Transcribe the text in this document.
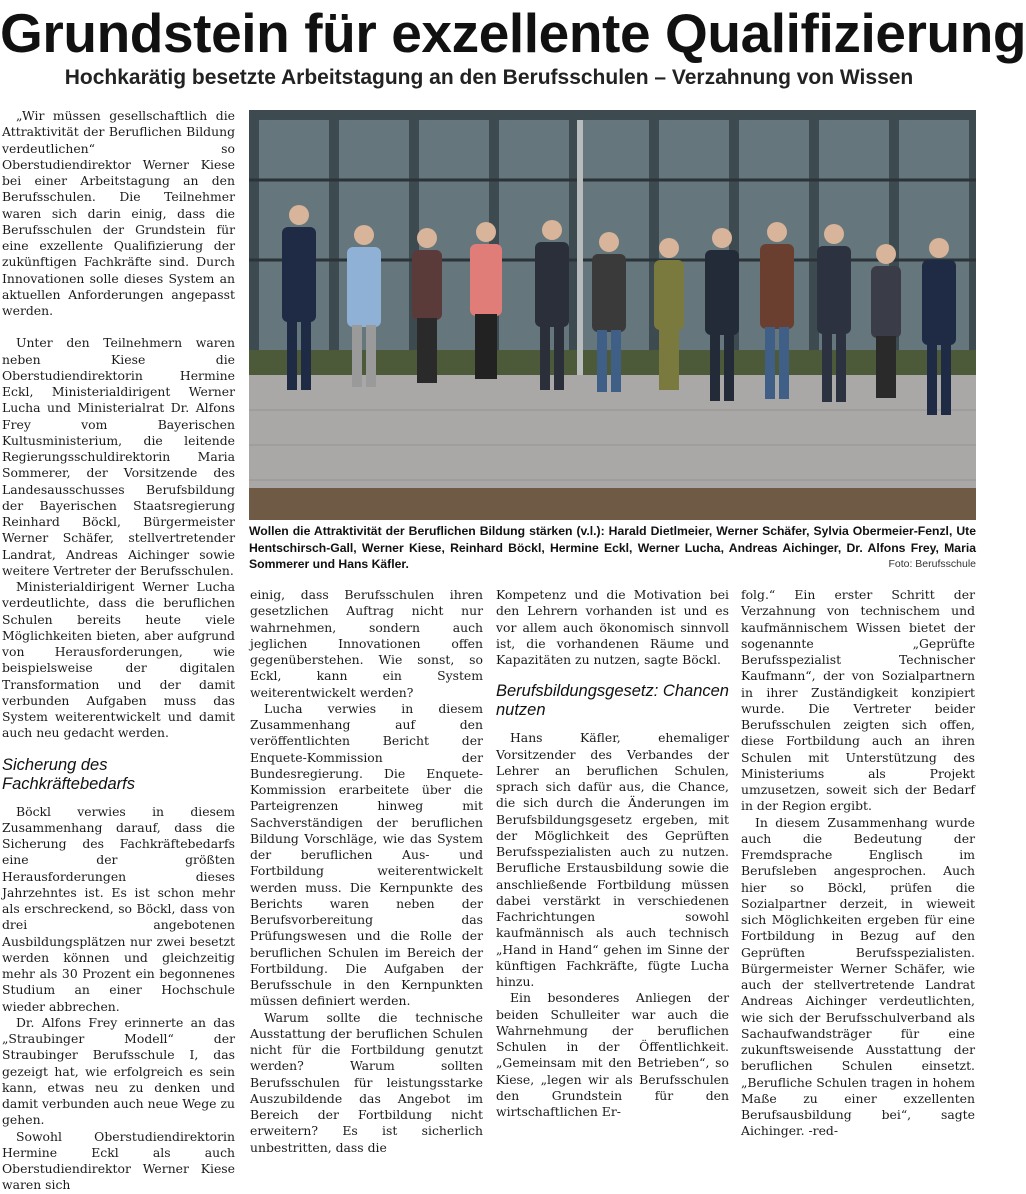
Grundstein für exzellente Qualifizierung
Hochkarätig besetzte Arbeitstagung an den Berufsschulen – Verzahnung von Wissen

„Wir müssen gesellschaftlich die Attraktivität der Beruflichen Bildung verdeutlichen“ so Oberstudiendirektor Werner Kiese bei einer Arbeitstagung an den Berufsschulen. Die Teilnehmer waren sich darin einig, dass die Berufsschulen der Grundstein für eine exzellente Qualifizierung der zukünftigen Fachkräfte sind. Durch Innovationen solle dieses System an aktuellen Anforderungen angepasst werden.

Unter den Teilnehmern waren neben Kiese die Oberstudiendirektorin Hermine Eckl, Ministerialdirigent Werner Lucha und Ministerialrat Dr. Alfons Frey vom Bayerischen Kultusministerium, die leitende Regierungsschuldirektorin Maria Sommerer, der Vorsitzende des Landesausschusses Berufsbildung der Bayerischen Staatsregierung Reinhard Böckl, Bürgermeister Werner Schäfer, stellvertretender Landrat, Andreas Aichinger sowie weitere Vertreter der Berufsschulen.

Ministerialdirigent Werner Lucha verdeutlichte, dass die beruflichen Schulen bereits heute viele Möglichkeiten bieten, aber aufgrund von Herausforderungen, wie beispielsweise der digitalen Transformation und der damit verbunden Aufgaben muss das System weiterentwickelt und damit auch neu gedacht werden.

Sicherung des Fachkräftebedarfs

Böckl verwies in diesem Zusammenhang darauf, dass die Sicherung des Fachkräftebedarfs eine der größten Herausforderungen dieses Jahrzehntes ist. Es ist schon mehr als erschreckend, so Böckl, dass von drei angebotenen Ausbildungsplätzen nur zwei besetzt werden können und gleichzeitig mehr als 30 Prozent ein begonnenes Studium an einer Hochschule wieder abbrechen.

Dr. Alfons Frey erinnerte an das „Straubinger Modell“ der Straubinger Berufsschule I, das gezeigt hat, wie erfolgreich es sein kann, etwas neu zu denken und damit verbunden auch neue Wege zu gehen.

Sowohl Oberstudiendirektorin Hermine Eckl als auch Oberstudiendirektor Werner Kiese waren sich

Wollen die Attraktivität der Beruflichen Bildung stärken (v.l.): Harald Dietlmeier, Werner Schäfer, Sylvia Obermeier-Fenzl, Ute Hentschirsch-Gall, Werner Kiese, Reinhard Böckl, Hermine Eckl, Werner Lucha, Andreas Aichinger, Dr. Alfons Frey, Maria Sommerer und Hans Käfler.	Foto: Berufsschule

einig, dass Berufsschulen ihren gesetzlichen Auftrag nicht nur wahrnehmen, sondern auch jeglichen Innovationen offen gegenüberstehen. Wie sonst, so Eckl, kann ein System weiterentwickelt werden?

Lucha verwies in diesem Zusammenhang auf den veröffentlichten Bericht der Enquete-Kommission der Bundesregierung. Die Enquete-Kommission erarbeitete über die Parteigrenzen hinweg mit Sachverständigen der beruflichen Bildung Vorschläge, wie das System der beruflichen Aus- und Fortbildung weiterentwickelt werden muss. Die Kernpunkte des Berichts waren neben der Berufsvorbereitung das Prüfungswesen und die Rolle der beruflichen Schulen im Bereich der Fortbildung. Die Aufgaben der Berufsschule in den Kernpunkten müssen definiert werden.

Warum sollte die technische Ausstattung der beruflichen Schulen nicht für die Fortbildung genutzt werden? Warum sollten Berufsschulen für leistungsstarke Auszubildende das Angebot im Bereich der Fortbildung nicht erweitern? Es ist sicherlich unbestritten, dass die

Kompetenz und die Motivation bei den Lehrern vorhanden ist und es vor allem auch ökonomisch sinnvoll ist, die vorhandenen Räume und Kapazitäten zu nutzen, sagte Böckl.

Berufsbildungsgesetz: Chancen nutzen

Hans Käfler, ehemaliger Vorsitzender des Verbandes der Lehrer an beruflichen Schulen, sprach sich dafür aus, die Chance, die sich durch die Änderungen im Berufsbildungsgesetz ergeben, mit der Möglichkeit des Geprüften Berufsspezialisten auch zu nutzen. Berufliche Erstausbildung sowie die anschließende Fortbildung müssen dabei verstärkt in verschiedenen Fachrichtungen sowohl kaufmännisch als auch technisch „Hand in Hand“ gehen im Sinne der künftigen Fachkräfte, fügte Lucha hinzu.

Ein besonderes Anliegen der beiden Schulleiter war auch die Wahrnehmung der beruflichen Schulen in der Öffentlichkeit. „Gemeinsam mit den Betrieben“, so Kiese, „legen wir als Berufsschulen den Grundstein für den wirtschaftlichen Er-

folg.“ Ein erster Schritt der Verzahnung von technischem und kaufmännischem Wissen bietet der sogenannte „Geprüfte Berufsspezialist Technischer Kaufmann“, der von Sozialpartnern in ihrer Zuständigkeit konzipiert wurde. Die Vertreter beider Berufsschulen zeigten sich offen, diese Fortbildung auch an ihren Schulen mit Unterstützung des Ministeriums als Projekt umzusetzen, soweit sich der Bedarf in der Region ergibt.

In diesem Zusammenhang wurde auch die Bedeutung der Fremdsprache Englisch im Berufsleben angesprochen. Auch hier so Böckl, prüfen die Sozialpartner derzeit, in wieweit sich Möglichkeiten ergeben für eine Fortbildung in Bezug auf den Geprüften Berufsspezialisten. Bürgermeister Werner Schäfer, wie auch der stellvertretende Landrat Andreas Aichinger verdeutlichten, wie sich der Berufsschulverband als Sachaufwandsträger für eine zukunftsweisende Ausstattung der beruflichen Schulen einsetzt. „Berufliche Schulen tragen in hohem Maße zu einer exzellenten Berufsausbildung bei“, sagte Aichinger. -red-
